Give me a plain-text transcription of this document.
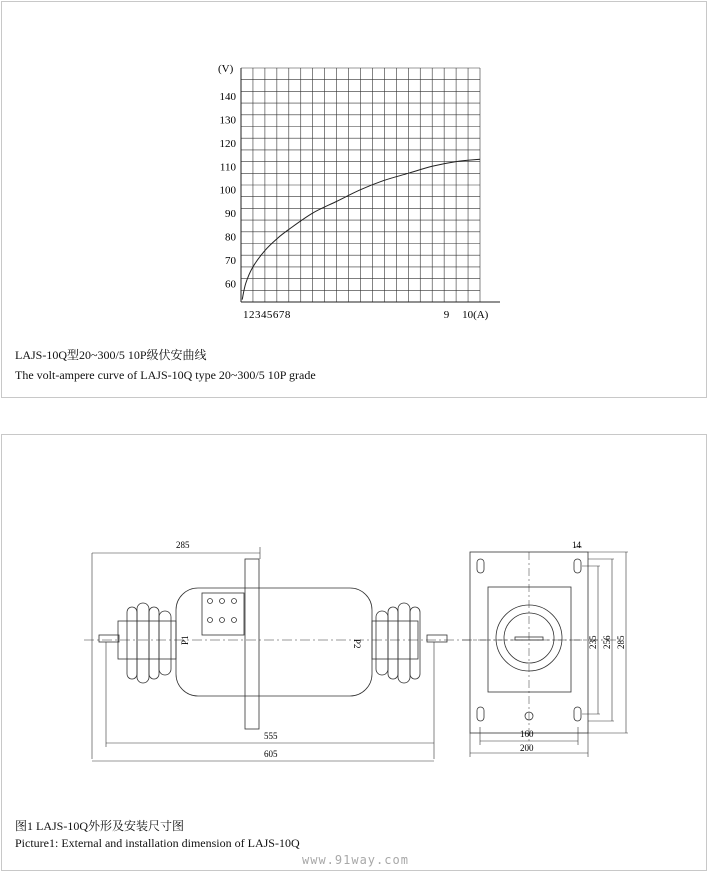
140
130
120
110
100
90
80
70
60
1 2 3 4 5 6 7 8	9 10(A)
(V)
LAJS-10Q型20~300/5 10P级伏安曲线
The volt-ampere curve of LAJS-10Q type 20~300/5 10P grade
285
555
605
P1	P2
14
235 256 285
160
200
图1 LAJS-10Q外形及安装尺寸图
Picture1: External and installation dimension of LAJS-10Q
www.91way.com
